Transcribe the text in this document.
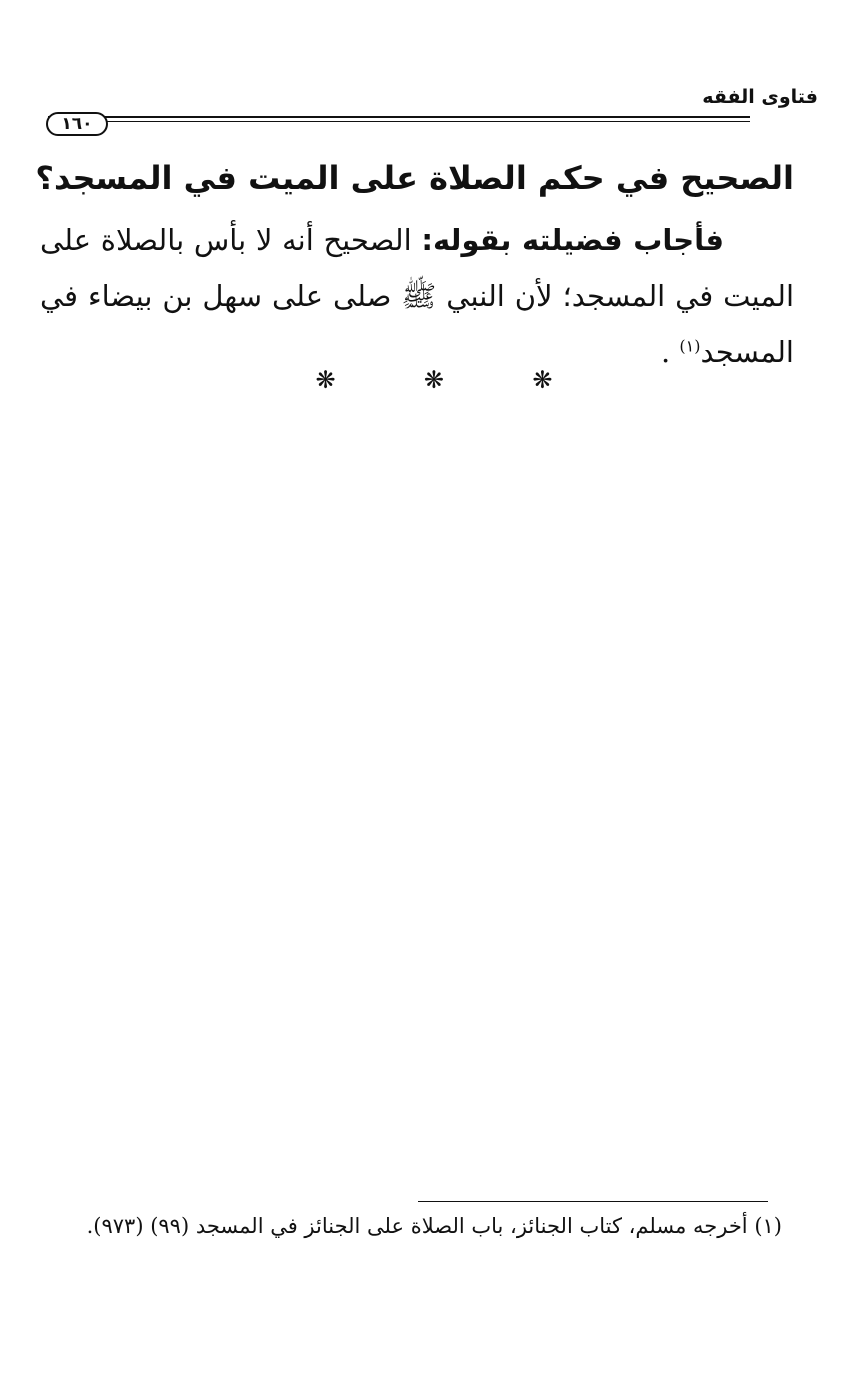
فتاوى الفقه
١٦٠
الصحيح في حكم الصلاة على الميت في المسجد؟
فأجاب فضيلته بقوله: الصحيح أنه لا بأس بالصلاة على الميت في المسجد؛ لأن النبي ﷺ صلى على سهل بن بيضاء في المسجد$^{(١)}$ .
❋ ❋ ❋
(١) أخرجه مسلم، كتاب الجنائز، باب الصلاة على الجنائز في المسجد (٩٩) (٩٧٣).
